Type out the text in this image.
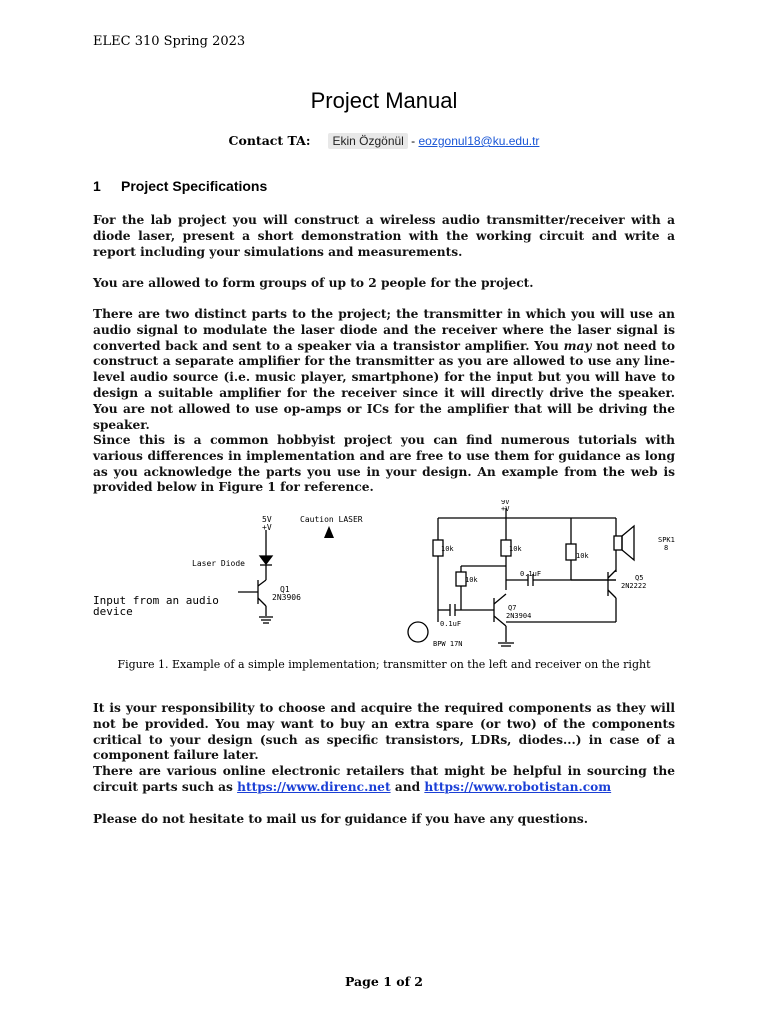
ELEC 310 Spring 2023
Project Manual
Contact TA: Ekin Özgönül - eozgonul18@ku.edu.tr
1 Project Specifications
For the lab project you will construct a wireless audio transmitter/receiver with a diode laser, present a short demonstration with the working circuit and write a report including your simulations and measurements.
You are allowed to form groups of up to 2 people for the project.
There are two distinct parts to the project; the transmitter in which you will use an audio signal to modulate the laser diode and the receiver where the laser signal is converted back and sent to a speaker via a transistor amplifier. You may not need to construct a separate amplifier for the transmitter as you are allowed to use any line-level audio source (i.e. music player, smartphone) for the input but you will have to design a suitable amplifier for the receiver since it will directly drive the speaker. You are not allowed to use op-amps or ICs for the amplifier that will be driving the speaker.
Since this is a common hobbyist project you can find numerous tutorials with various differences in implementation and are free to use them for guidance as long as you acknowledge the parts you use in your design. An example from the web is provided below in Figure 1 for reference.
5V
+V
Caution LASER
Laser Diode
Q1
2N3906
Input from an audio
device
9V
+V
10k	10k
10k
10k
0.1uF
0.1uF
Q7
2N3904
Q5
2N2222
SPK1
8
BPW 17N
Figure 1. Example of a simple implementation; transmitter on the left and receiver on the right
It is your responsibility to choose and acquire the required components as they will not be provided. You may want to buy an extra spare (or two) of the components critical to your design (such as specific transistors, LDRs, diodes...) in case of a component failure later.
There are various online electronic retailers that might be helpful in sourcing the circuit parts such as https://www.direnc.net and https://www.robotistan.com
Please do not hesitate to mail us for guidance if you have any questions.
Page 1 of 2
